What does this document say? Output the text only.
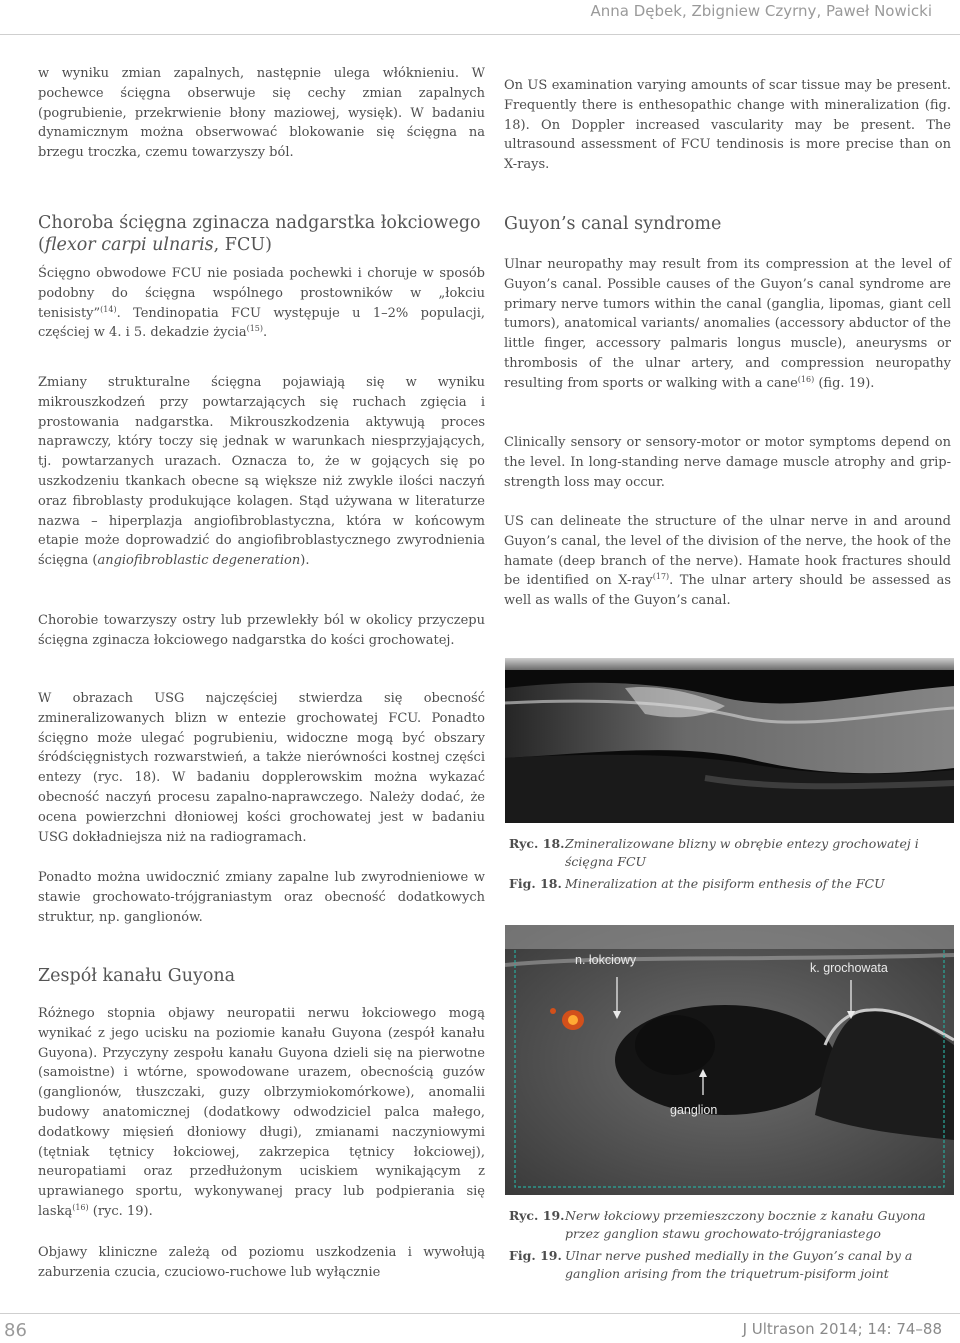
Anna Dębek, Zbigniew Czyrny, Paweł Nowicki

w wyniku zmian zapalnych, następnie ulega włóknieniu. W pochewce ścięgna obserwuje się cechy zmian zapalnych (pogrubienie, przekrwienie błony maziowej, wysięk). W badaniu dynamicznym można obserwować blokowanie się ścięgna na brzegu troczka, czemu towarzyszy ból.

Choroba ścięgna zginacza nadgarstka łokciowego (flexor carpi ulnaris, FCU)

Ścięgno obwodowe FCU nie posiada pochewki i choruje w sposób podobny do ścięgna wspólnego prostowników w „łokciu tenisisty”$^{(14)}$. Tendinopatia FCU występuje u 1–2% populacji, częściej w 4. i 5. dekadzie życia$^{(15)}$.

Zmiany strukturalne ścięgna pojawiają się w wyniku mikrouszkodzeń przy powtarzających się ruchach zgięcia i prostowania nadgarstka. Mikrouszkodzenia aktywują proces naprawczy, który toczy się jednak w warunkach niesprzyjających, tj. powtarzanych urazach. Oznacza to, że w gojących się po uszkodzeniu tkankach obecne są większe niż zwykle ilości naczyń oraz fibroblasty produkujące kolagen. Stąd używana w literaturze nazwa – hiperplazja angiofibroblastyczna, która w końcowym etapie może doprowadzić do angiofibroblastycznego zwyrodnienia ścięgna (angiofibroblastic degeneration).

Chorobie towarzyszy ostry lub przewlekły ból w okolicy przyczepu ścięgna zginacza łokciowego nadgarstka do kości grochowatej.

W obrazach USG najczęściej stwierdza się obecność zmineralizowanych blizn w entezie grochowatej FCU. Ponadto ścięgno może ulegać pogrubieniu, widoczne mogą być obszary śródścięgnistych rozwarstwień, a także nierówności kostnej części entezy (ryc. 18). W badaniu dopplerowskim można wykazać obecność naczyń procesu zapalno-naprawczego. Należy dodać, że ocena powierzchni dłoniowej kości grochowatej jest w badaniu USG dokładniejsza niż na radiogramach.

Ponadto można uwidocznić zmiany zapalne lub zwyrodnieniowe w stawie grochowato-trójgraniastym oraz obecność dodatkowych struktur, np. ganglionów.

Zespół kanału Guyona

Różnego stopnia objawy neuropatii nerwu łokciowego mogą wynikać z jego ucisku na poziomie kanału Guyona (zespół kanału Guyona). Przyczyny zespołu kanału Guyona dzieli się na pierwotne (samoistne) i wtórne, spowodowane urazem, obecnością guzów (ganglionów, tłuszczaki, guzy olbrzymiokomórkowe), anomalii budowy anatomicznej (dodatkowy odwodziciel palca małego, dodatkowy mięsień dłoniowy długi), zmianami naczyniowymi (tętniak tętnicy łokciowej, zakrzepica tętnicy łokciowej), neuropatiami oraz przedłużonym uciskiem wynikającym z uprawianego sportu, wykonywanej pracy lub podpierania się laską$^{(16)}$ (ryc. 19).

Objawy kliniczne zależą od poziomu uszkodzenia i wywołują zaburzenia czucia, czuciowo-ruchowe lub wyłącznie

On US examination varying amounts of scar tissue may be present. Frequently there is enthesopathic change with mineralization (fig. 18). On Doppler increased vascularity may be present. The ultrasound assessment of FCU tendinosis is more precise than on X-rays.

Guyon’s canal syndrome

Ulnar neuropathy may result from its compression at the level of Guyon’s canal. Possible causes of the Guyon’s canal syndrome are primary nerve tumors within the canal (ganglia, lipomas, giant cell tumors), anatomical variants/ anomalies (accessory abductor of the little finger, accessory palmaris longus muscle), aneurysms or thrombosis of the ulnar artery, and compression neuropathy resulting from sports or walking with a cane$^{(16)}$ (fig. 19).

Clinically sensory or sensory-motor or motor symptoms depend on the level. In long-standing nerve damage muscle atrophy and grip-strength loss may occur.

US can delineate the structure of the ulnar nerve in and around Guyon’s canal, the level of the division of the nerve, the hook of the hamate (deep branch of the nerve). Hamate hook fractures should be identified on X-ray$^{(17)}$. The ulnar artery should be assessed as well as walls of the Guyon’s canal.

Ryc. 18. Zmineralizowane blizny w obrębie entezy grochowatej i ścięgna FCU
Fig. 18. Mineralization at the pisiform enthesis of the FCU
n. łokciowy
k. grochowata
ganglion
Ryc. 19. Nerw łokciowy przemieszczony bocznie z kanału Guyona przez ganglion stawu grochowato-trójgraniastego
Fig. 19. Ulnar nerve pushed medially in the Guyon’s canal by a ganglion arising from the triquetrum-pisiform joint
86	J Ultrason 2014; 14: 74–88
